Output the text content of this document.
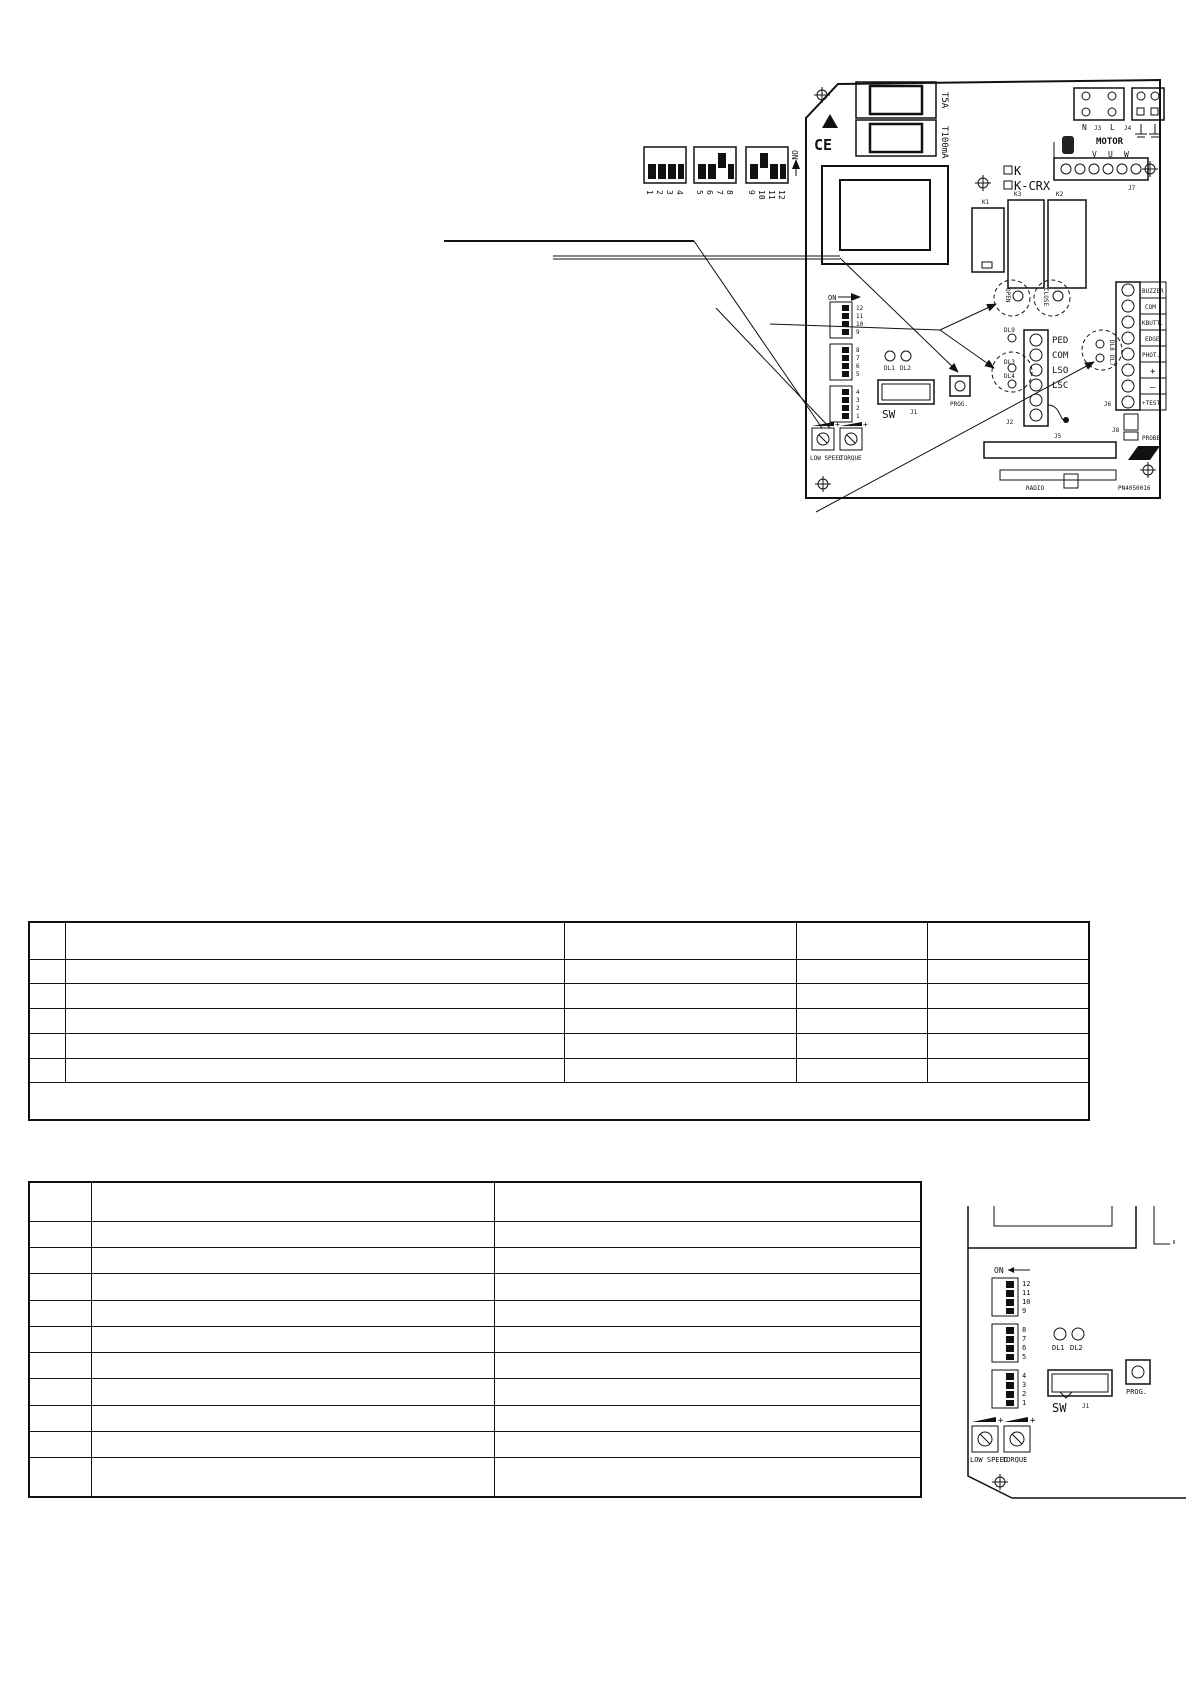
CE
T5A
T100mA
K
K-CRX
N J3 L J4
MOTOR
V U W
J7
K1
K3	K2
OPEN	CLOSE
ON
12
11
10
9
8
7
6
5
4
3
2
1
DL1 DL2
SW J1
PROG.
+	+
LOW SPEED
TORQUE
DL9
DL3
DL4
PED
COM
LSO
LSC
J2
BUZZER
COM
KBUTT.
EDGE
PHOT.
+
–
+TEST
J6
DL8
DL7
J8
PROBE
J5
RADIO	PN4050016
1 2 3 4 5 6 7 8 9 10 11 12
ON

ON
12
11
10
9
8
7
6
5
4
3
2
1
DL1 DL2
SW	J1
PROG.
+	+
LOW SPEED
TORQUE
